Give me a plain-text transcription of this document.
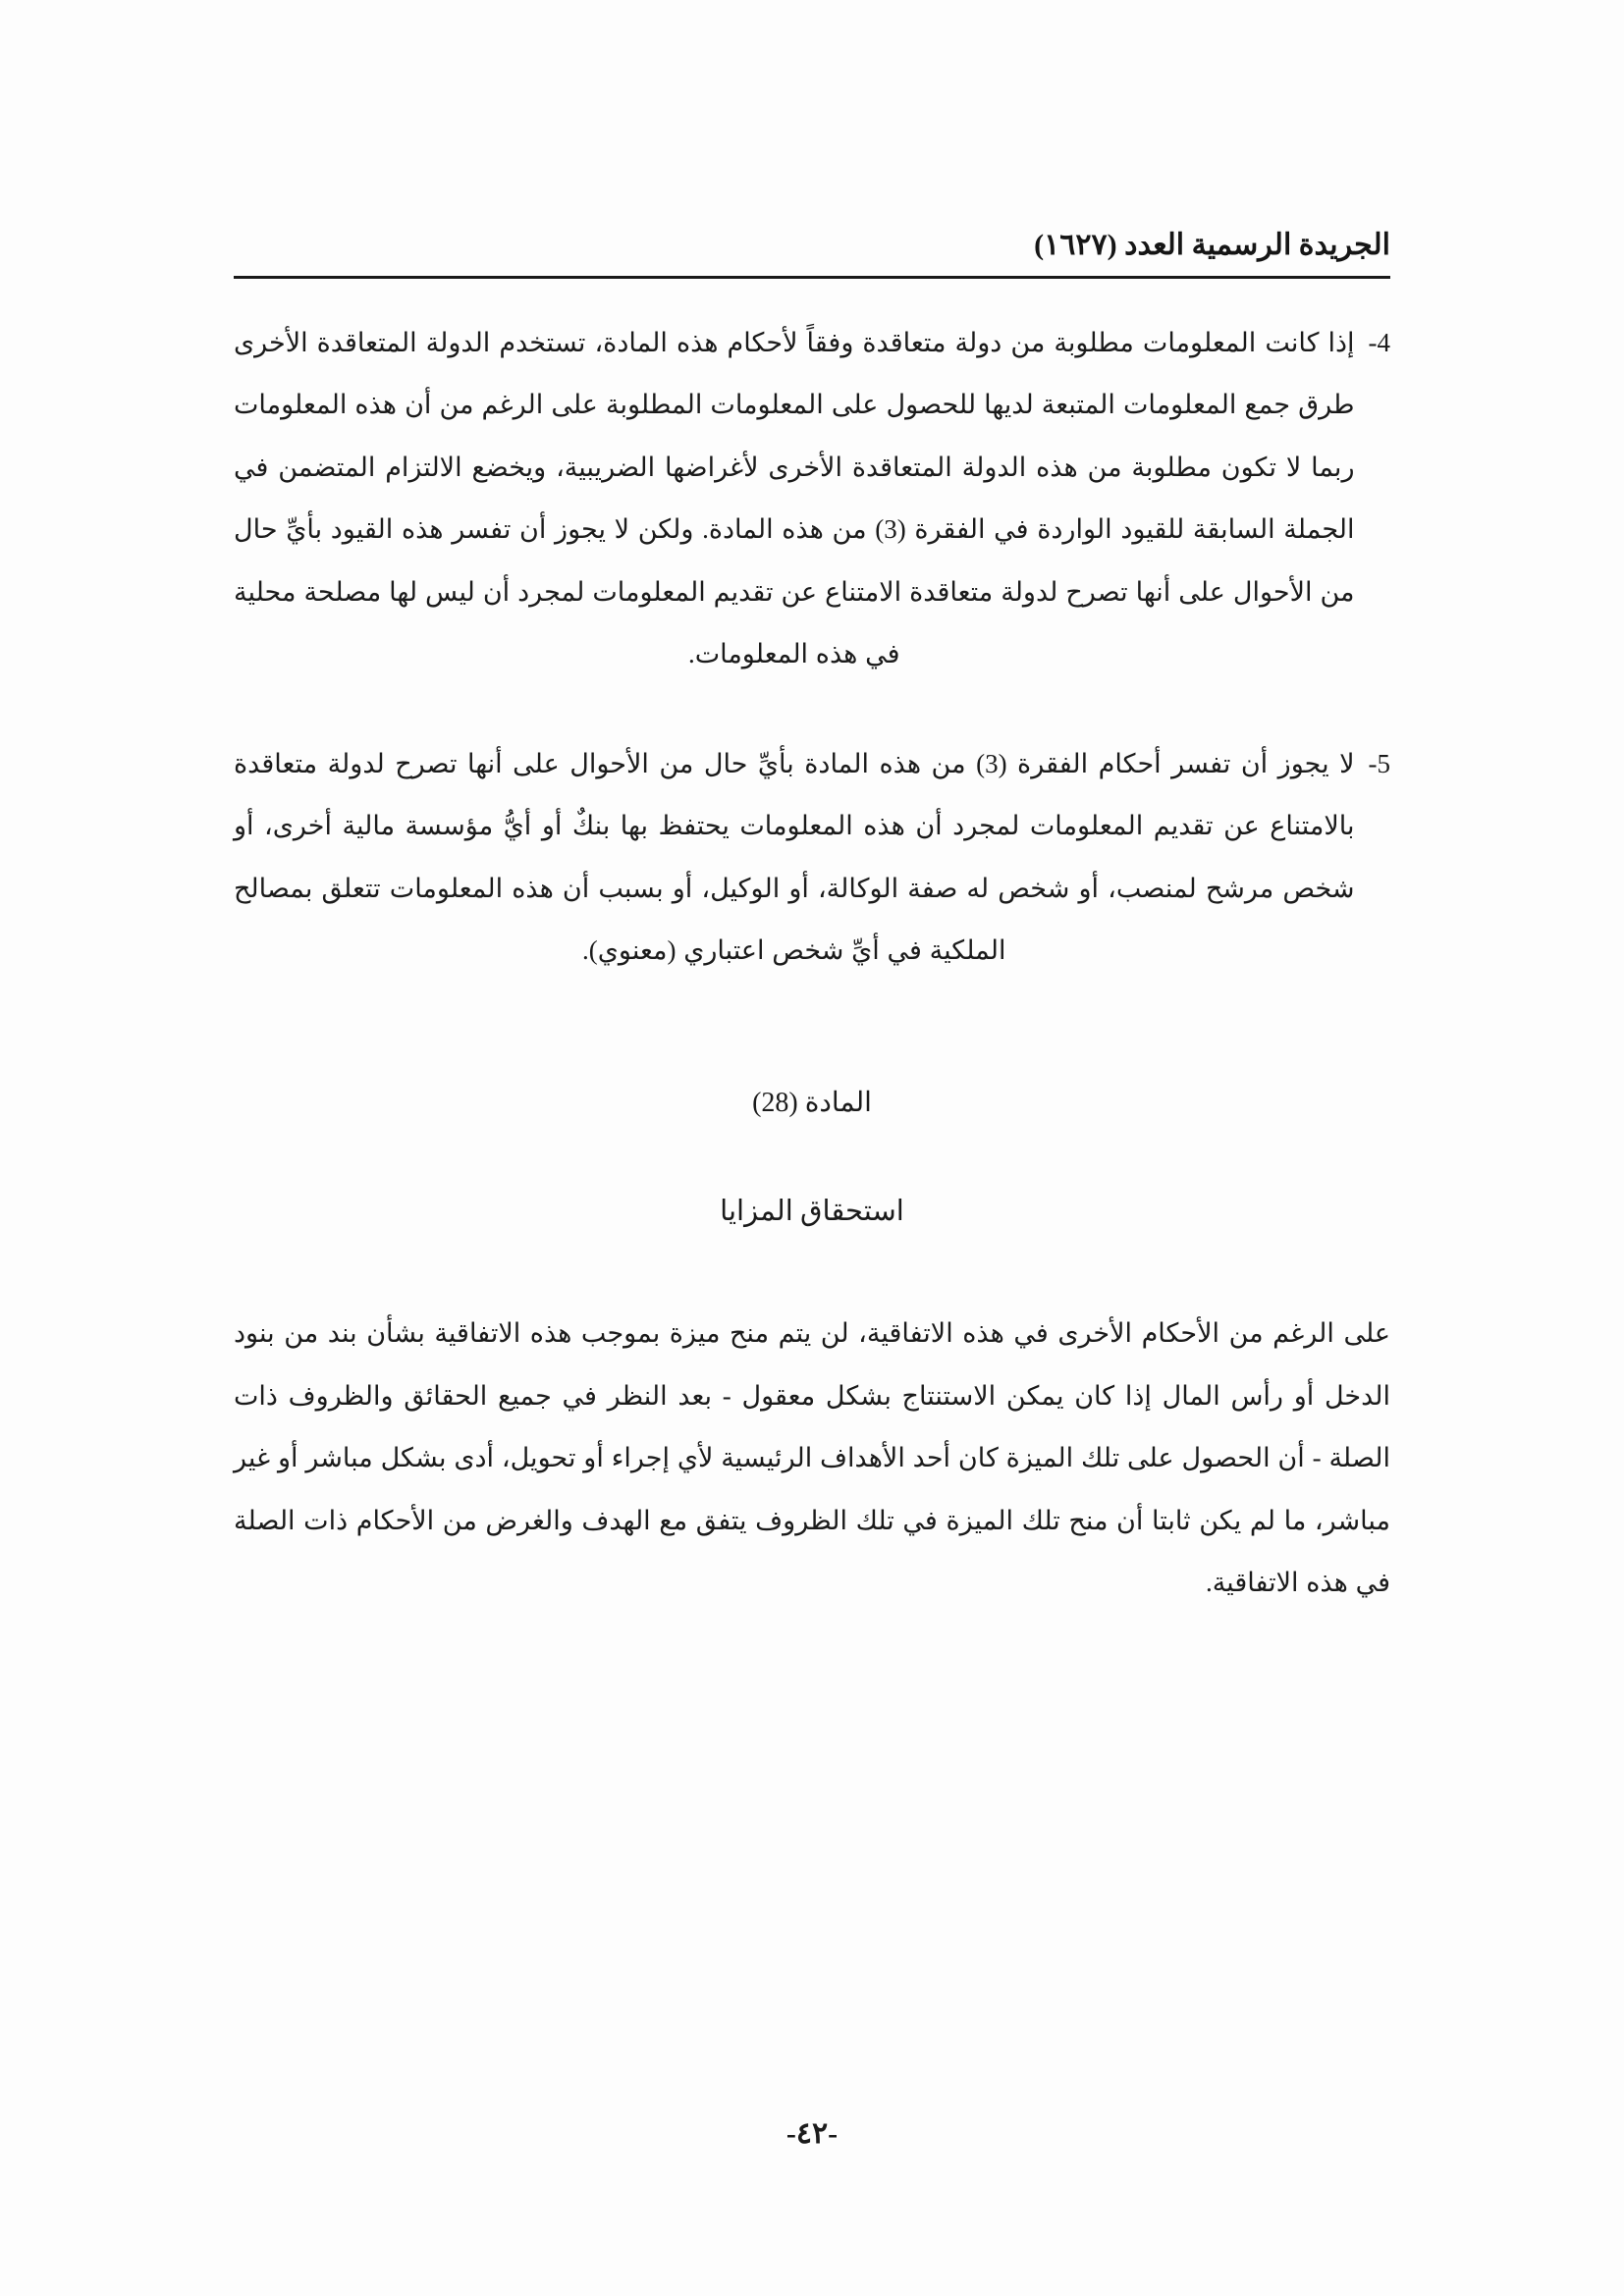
الجريدة الرسمية العدد (١٦٢٧)
4-

إذا كانت المعلومات مطلوبة من دولة متعاقدة وفقاً لأحكام هذه المادة، تستخدم الدولة المتعاقدة الأخرى طرق جمع المعلومات المتبعة لديها للحصول على المعلومات المطلوبة على الرغم من أن هذه المعلومات ربما لا تكون مطلوبة من هذه الدولة المتعاقدة الأخرى لأغراضها الضريبية، ويخضع الالتزام المتضمن في الجملة السابقة للقيود الواردة في الفقرة (3) من هذه المادة. ولكن لا يجوز أن تفسر هذه القيود بأيِّ حال من الأحوال على أنها تصرح لدولة متعاقدة الامتناع عن تقديم المعلومات لمجرد أن ليس لها مصلحة محلية في هذه المعلومات.

5-

لا يجوز أن تفسر أحكام الفقرة (3) من هذه المادة بأيِّ حال من الأحوال على أنها تصرح لدولة متعاقدة بالامتناع عن تقديم المعلومات لمجرد أن هذه المعلومات يحتفظ بها بنكٌ أو أيُّ مؤسسة مالية أخرى، أو شخص مرشح لمنصب، أو شخص له صفة الوكالة، أو الوكيل، أو بسبب أن هذه المعلومات تتعلق بمصالح الملكية في أيِّ شخص اعتباري (معنوي).

المادة (28)

استحقاق المزايا

على الرغم من الأحكام الأخرى في هذه الاتفاقية، لن يتم منح ميزة بموجب هذه الاتفاقية بشأن بند من بنود الدخل أو رأس المال إذا كان يمكن الاستنتاج بشكل معقول - بعد النظر في جميع الحقائق والظروف ذات الصلة - أن الحصول على تلك الميزة كان أحد الأهداف الرئيسية لأي إجراء أو تحويل، أدى بشكل مباشر أو غير مباشر، ما لم يكن ثابتا أن منح تلك الميزة في تلك الظروف يتفق مع الهدف والغرض من الأحكام ذات الصلة في هذه الاتفاقية.

-٤٢-
